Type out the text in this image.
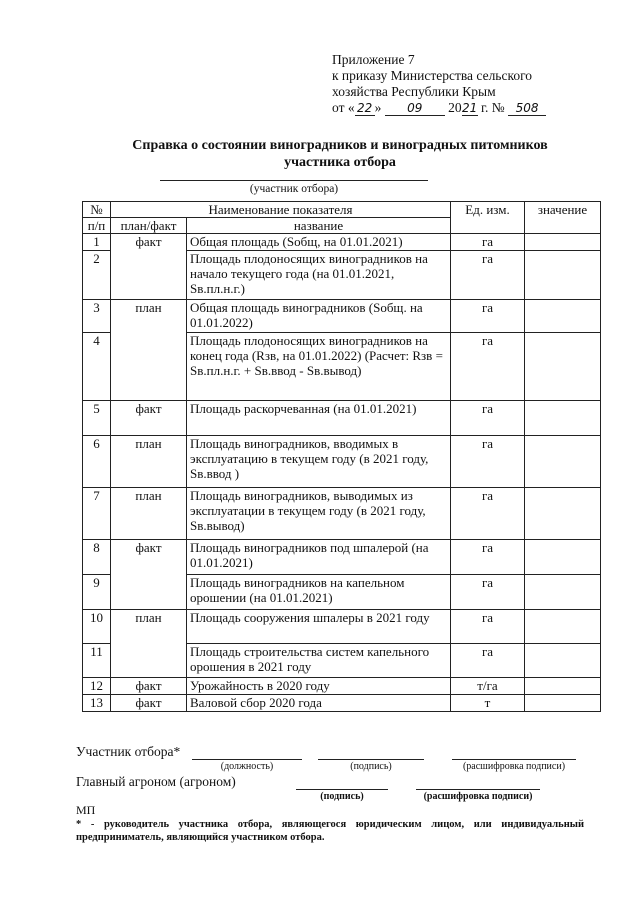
Приложение 7
к приказу Министерства сельского
хозяйства Республики Крым
от « 22 » 09 2021 г. № 508
Справка о состоянии виноградников и виноградных питомников
участника отбора
(участник отбора)
№	Наименование показателя		Ед. изм.	значение
п/п	план/факт	название		
1	факт	Общая площадь (Sобщ, на 01.01.2021)	га	
2		Площадь плодоносящих виноградников на начало текущего года (на 01.01.2021, Sв.пл.н.г.)	га	
3	план	Общая площадь виноградников (Sобщ. на 01.01.2022)	га	
4		Площадь плодоносящих виноградников на конец года (Rзв, на 01.01.2022) (Расчет: Rзв = Sв.пл.н.г. + Sв.ввод - Sв.вывод)	га	
5	факт	Площадь раскорчеванная (на 01.01.2021)	га	
6	план	Площадь виноградников, вводимых в эксплуатацию в текущем году (в 2021 году, Sв.ввод )	га	
7	план	Площадь виноградников, выводимых из эксплуатации в текущем году (в 2021 году, Sв.вывод)	га	
8	факт	Площадь виноградников под шпалерой (на 01.01.2021)	га	
9		Площадь виноградников на капельном орошении (на 01.01.2021)	га	
10	план	Площадь сооружения шпалеры в 2021 году	га	
11		Площадь строительства систем капельного орошения в 2021 году	га	
12	факт	Урожайность в 2020 году	т/га	
13	факт	Валовой сбор 2020 года	т	
Участник отбора*
(должность)	(подпись)	(расшифровка подписи)
Главный агроном (агроном)
(подпись)	(расшифровка подписи)
МП
* - руководитель участника отбора, являющегося юридическим лицом, или индивидуальный предприниматель, являющийся участником отбора.
